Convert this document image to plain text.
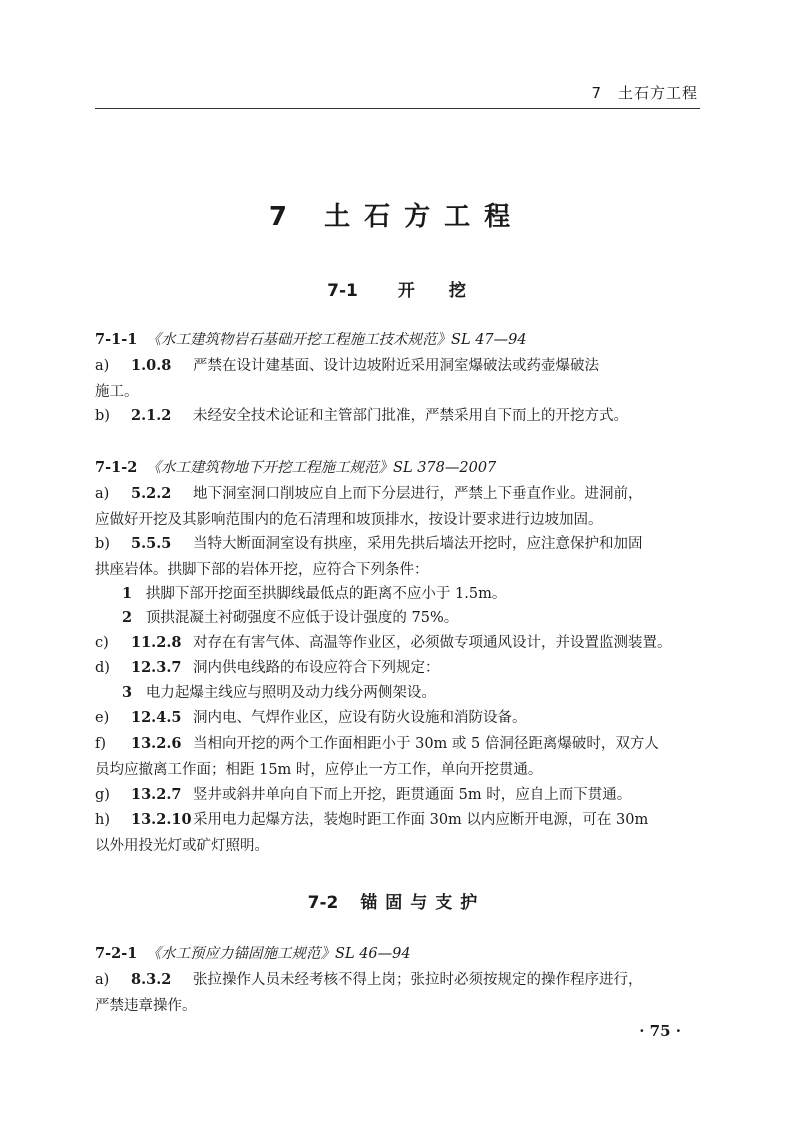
7　土石方工程
7 土石方工程
7-1 开 挖
7-1-1 《水工建筑物岩石基础开挖工程施工技术规范》SL 47—94
a) 1.0.8 严禁在设计建基面、设计边坡附近采用洞室爆破法或药壶爆破法
施工。
b) 2.1.2 未经安全技术论证和主管部门批准，严禁采用自下而上的开挖方式。
7-1-2 《水工建筑物地下开挖工程施工规范》SL 378—2007
a) 5.2.2 地下洞室洞口削坡应自上而下分层进行，严禁上下垂直作业。进洞前，
应做好开挖及其影响范围内的危石清理和坡顶排水，按设计要求进行边坡加固。
b) 5.5.5 当特大断面洞室设有拱座，采用先拱后墙法开挖时，应注意保护和加固
拱座岩体。拱脚下部的岩体开挖，应符合下列条件：
1 拱脚下部开挖面至拱脚线最低点的距离不应小于 1.5m。
2 顶拱混凝土衬砌强度不应低于设计强度的 75%。
c) 11.2.8 对存在有害气体、高温等作业区，必须做专项通风设计，并设置监测装置。
d) 12.3.7 洞内供电线路的布设应符合下列规定：
3 电力起爆主线应与照明及动力线分两侧架设。
e) 12.4.5 洞内电、气焊作业区，应设有防火设施和消防设备。
f) 13.2.6 当相向开挖的两个工作面相距小于 30m 或 5 倍洞径距离爆破时，双方人
员均应撤离工作面；相距 15m 时，应停止一方工作，单向开挖贯通。
g) 13.2.7 竖井或斜井单向自下而上开挖，距贯通面 5m 时，应自上而下贯通。
h) 13.2.10采用电力起爆方法，装炮时距工作面 30m 以内应断开电源，可在 30m
以外用投光灯或矿灯照明。
7-2 锚固与支护
7-2-1 《水工预应力锚固施工规范》SL 46—94
a) 8.3.2 张拉操作人员未经考核不得上岗；张拉时必须按规定的操作程序进行，
严禁违章操作。
· 75 ·
